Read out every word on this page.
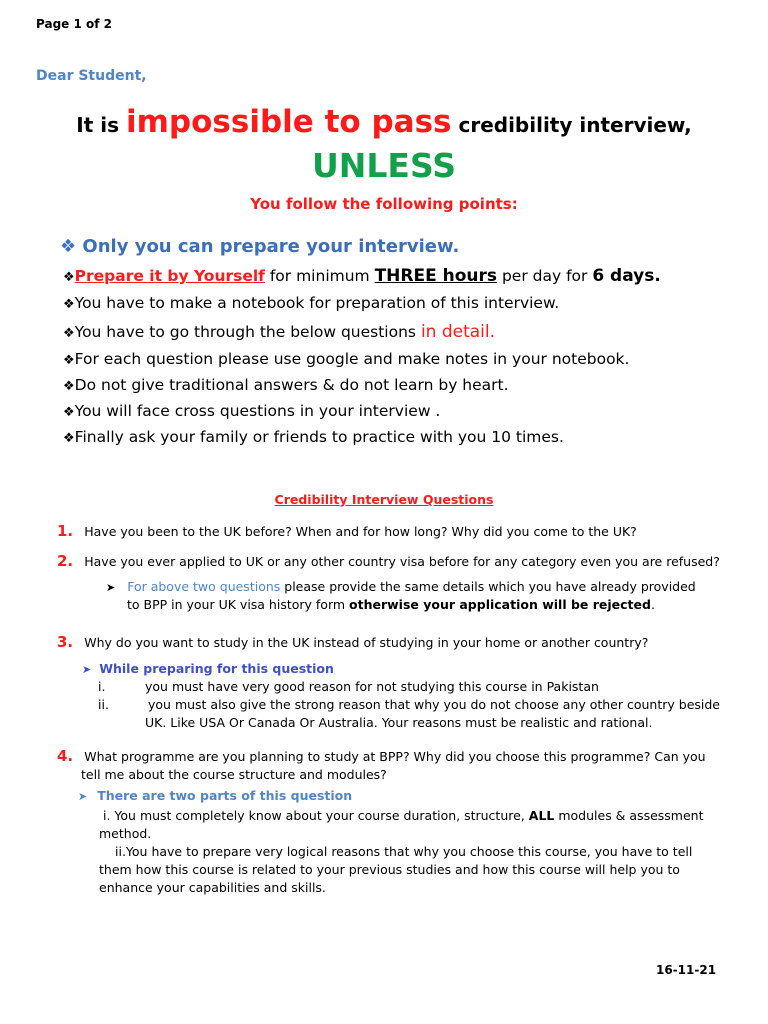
Page 1 of 2
Dear Student,
It is impossible to pass credibility interview,
UNLESS
You follow the following points:
❖ Only you can prepare your interview.
❖Prepare it by Yourself for minimum THREE hours per day for 6 days.
❖You have to make a notebook for preparation of this interview.
❖You have to go through the below questions in detail.
❖For each question please use google and make notes in your notebook.
❖Do not give traditional answers & do not learn by heart.
❖You will face cross questions in your interview .
❖Finally ask your family or friends to practice with you 10 times.
Credibility Interview Questions
1. Have you been to the UK before? When and for how long? Why did you come to the UK?
2. Have you ever applied to UK or any other country visa before for any category even you are refused?
➤ For above two questions please provide the same details which you have already provided
to BPP in your UK visa history form otherwise your application will be rejected.
3. Why do you want to study in the UK instead of studying in your home or another country?
➤ While preparing for this question
i.	you must have very good reason for not studying this course in Pakistan
ii.	you must also give the strong reason that why you do not choose any other country beside
UK. Like USA Or Canada Or Australia. Your reasons must be realistic and rational.
4. What programme are you planning to study at BPP? Why did you choose this programme? Can you
tell me about the course structure and modules?
➤ There are two parts of this question
i. You must completely know about your course duration, structure, ALL modules & assessment
method.
ii.You have to prepare very logical reasons that why you choose this course, you have to tell
them how this course is related to your previous studies and how this course will help you to
enhance your capabilities and skills.
16-11-21
